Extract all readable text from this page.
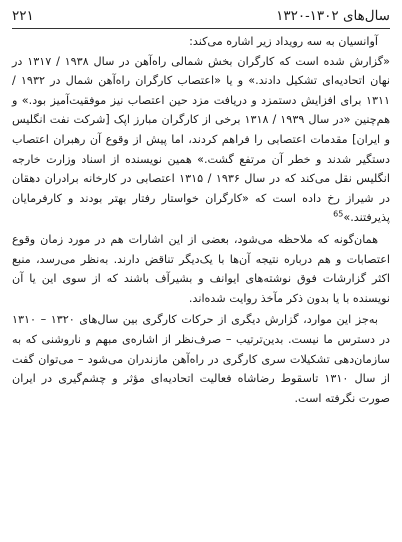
سال‌های ۱۳۰۲-۱۳۲۰
۲۲۱

آوانسیان به سه رویداد زیر اشاره می‌کند:

«گزارش شده است که کارگران بخش شمالی راه‌آهن در سال ۱۹۳۸ / ۱۳۱۷ در نهان اتحادیه‌ای تشکیل دادند.» و یا «اعتصاب کارگران راه‌آهن شمال در ۱۹۳۲ / ۱۳۱۱ برای افزایش دستمزد و دریافت مزد حین اعتصاب نیز موفقیت‌آمیز بود.» و هم‌چنین «در سال ۱۹۳۹ / ۱۳۱۸ برخی از کارگران مبارز اپک [شرکت نفت انگلیس و ایران] مقدمات اعتصابی را فراهم کردند، اما پیش از وقوع آن رهبران اعتصاب دستگیر شدند و خطر آن مرتفع گشت.» همین نویسنده از اسناد وزارت خارجه انگلیس نقل می‌کند که در سال ۱۹۳۶ / ۱۳۱۵ اعتصابی در کارخانه برادران دهقان در شیراز رخ داده است که «کارگران خواستار رفتار بهتر بودند و کارفرمایان پذیرفتند.»$^{65}$

همان‌گونه که ملاحظه می‌شود، بعضی از این اشارات هم در مورد زمان وقوع اعتصابات و هم درباره نتیجه آن‌ها با یک‌دیگر تناقض دارند. به‌نظر می‌رسد، منبع اکثر گزارشات فوق نوشته‌های ایوانف و بشیرآف باشند که از سوی این یا آن نویسنده با یا بدون ذکر مآخذ روایت شده‌اند.

به‌جز این موارد، گزارش دیگری از حرکات کارگری بین سال‌های ۱۳۲۰ – ۱۳۱۰ در دسترس ما نیست. بدین‌ترتیب – صرف‌نظر از اشاره‌ی مبهم و ناروشنی که به سازمان‌دهی تشکیلات سری کارگری در راه‌آهن مازندران می‌شود – می‌توان گفت از سال ۱۳۱۰ تاسقوط‌ رضاشاه فعالیت اتحادیه‌ای مؤثر و چشم‌گیری در ایران صورت نگرفته است.
